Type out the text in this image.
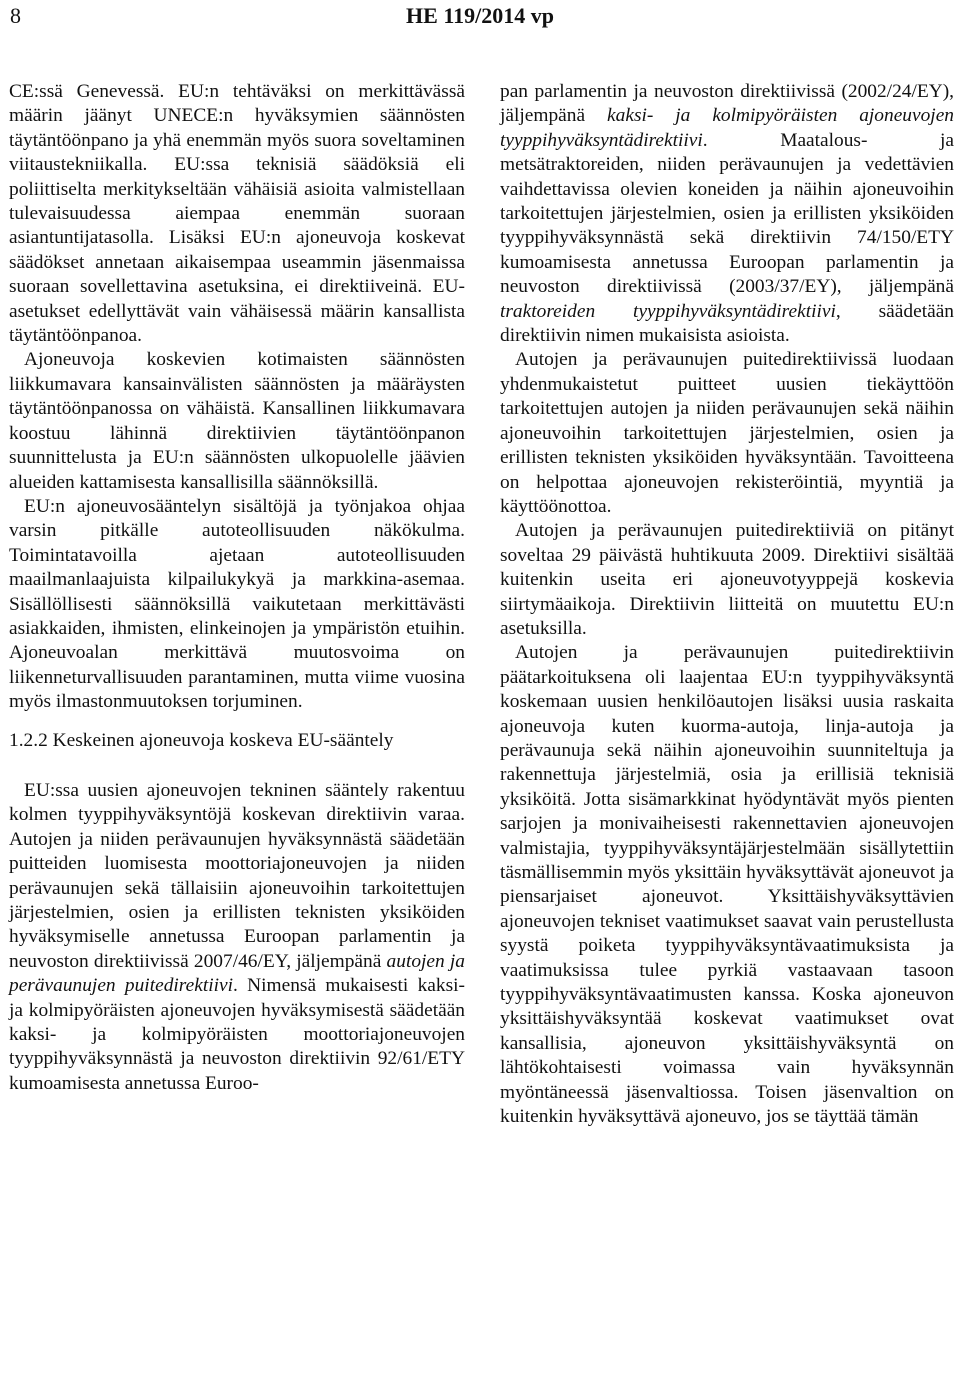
8	HE 119/2014 vp

CE:ssä Genevessä. EU:n tehtäväksi on merkittävässä määrin jäänyt UNECE:n hyväksymien säännösten täytäntöönpano ja yhä enemmän myös suora soveltaminen viitaustekniikalla. EU:ssa teknisiä säädöksiä eli poliittiselta merkitykseltään vähäisiä asioita valmistellaan tulevaisuudessa aiempaa enemmän suoraan asiantuntijatasolla. Lisäksi EU:n ajoneuvoja koskevat säädökset annetaan aikaisempaa useammin jäsenmaissa suoraan sovellettavina asetuksina, ei direktiiveinä. EU-asetukset edellyttävät vain vähäisessä määrin kansallista täytäntöönpanoa.

Ajoneuvoja koskevien kotimaisten säännösten liikkumavara kansainvälisten säännösten ja määräysten täytäntöönpanossa on vähäistä. Kansallinen liikkumavara koostuu lähinnä direktiivien täytäntöönpanon suunnittelusta ja EU:n säännösten ulkopuolelle jäävien alueiden kattamisesta kansallisilla säännöksillä.

EU:n ajoneuvosääntelyn sisältöjä ja työnjakoa ohjaa varsin pitkälle autoteollisuuden näkökulma. Toimintatavoilla ajetaan autoteollisuuden maailmanlaajuista kilpailukykyä ja markkina-asemaa. Sisällöllisesti säännöksillä vaikutetaan merkittävästi asiakkaiden, ihmisten, elinkeinojen ja ympäristön etuihin. Ajoneuvoalan merkittävä muutosvoima on liikenneturvallisuuden parantaminen, mutta viime vuosina myös ilmastonmuutoksen torjuminen.

1.2.2 Keskeinen ajoneuvoja koskeva EU-sääntely

EU:ssa uusien ajoneuvojen tekninen sääntely rakentuu kolmen tyyppihyväksyntöjä koskevan direktiivin varaa. Autojen ja niiden perävaunujen hyväksynnästä säädetään puitteiden luomisesta moottoriajoneuvojen ja niiden perävaunujen sekä tällaisiin ajoneuvoihin tarkoitettujen järjestelmien, osien ja erillisten teknisten yksiköiden hyväksymiselle annetussa Euroopan parlamentin ja neuvoston direktiivissä 2007/46/EY, jäljempänä autojen ja perävaunujen puitedirektiivi. Nimensä mukaisesti kaksi- ja kolmipyöräisten ajoneuvojen hyväksymisestä säädetään kaksi- ja kolmipyöräisten moottoriajoneuvojen tyyppihyväksynnästä ja neuvoston direktiivin 92/61/ETY kumoamisesta annetussa Euroo-

pan parlamentin ja neuvoston direktiivissä (2002/24/EY), jäljempänä kaksi- ja kolmipyöräisten ajoneuvojen tyyppihyväksyntädirektiivi. Maatalous- ja metsätraktoreiden, niiden perävaunujen ja vedettävien vaihdettavissa olevien koneiden ja näihin ajoneuvoihin tarkoitettujen järjestelmien, osien ja erillisten yksiköiden tyyppihyväksynnästä sekä direktiivin 74/150/ETY kumoamisesta annetussa Euroopan parlamentin ja neuvoston direktiivissä (2003/37/EY), jäljempänä traktoreiden tyyppihyväksyntädirektiivi, säädetään direktiivin nimen mukaisista asioista.

Autojen ja perävaunujen puitedirektiivissä luodaan yhdenmukaistetut puitteet uusien tiekäyttöön tarkoitettujen autojen ja niiden perävaunujen sekä näihin ajoneuvoihin tarkoitettujen järjestelmien, osien ja erillisten teknisten yksiköiden hyväksyntään. Tavoitteena on helpottaa ajoneuvojen rekisteröintiä, myyntiä ja käyttöönottoa.

Autojen ja perävaunujen puitedirektiiviä on pitänyt soveltaa 29 päivästä huhtikuuta 2009. Direktiivi sisältää kuitenkin useita eri ajoneuvotyyppejä koskevia siirtymäaikoja. Direktiivin liitteitä on muutettu EU:n asetuksilla.

Autojen ja perävaunujen puitedirektiivin päätarkoituksena oli laajentaa EU:n tyyppihyväksyntä koskemaan uusien henkilöautojen lisäksi uusia raskaita ajoneuvoja kuten kuorma-autoja, linja-autoja ja perävaunuja sekä näihin ajoneuvoihin suunniteltuja ja rakennettuja järjestelmiä, osia ja erillisiä teknisiä yksiköitä. Jotta sisämarkkinat hyödyntävät myös pienten sarjojen ja monivaiheisesti rakennettavien ajoneuvojen valmistajia, tyyppihyväksyntäjärjestelmään sisällytettiin täsmällisemmin myös yksittäin hyväksyttävät ajoneuvot ja piensarjaiset ajoneuvot. Yksittäishyväksyttävien ajoneuvojen tekniset vaatimukset saavat vain perustellusta syystä poiketa tyyppihyväksyntävaatimuksista ja vaatimuksissa tulee pyrkiä vastaavaan tasoon tyyppihyväksyntävaatimusten kanssa. Koska ajoneuvon yksittäishyväksyntää koskevat vaatimukset ovat kansallisia, ajoneuvon yksittäishyväksyntä on lähtökohtaisesti voimassa vain hyväksynnän myöntäneessä jäsenvaltiossa. Toisen jäsenvaltion on kuitenkin hyväksyttävä ajoneuvo, jos se täyttää tämän
